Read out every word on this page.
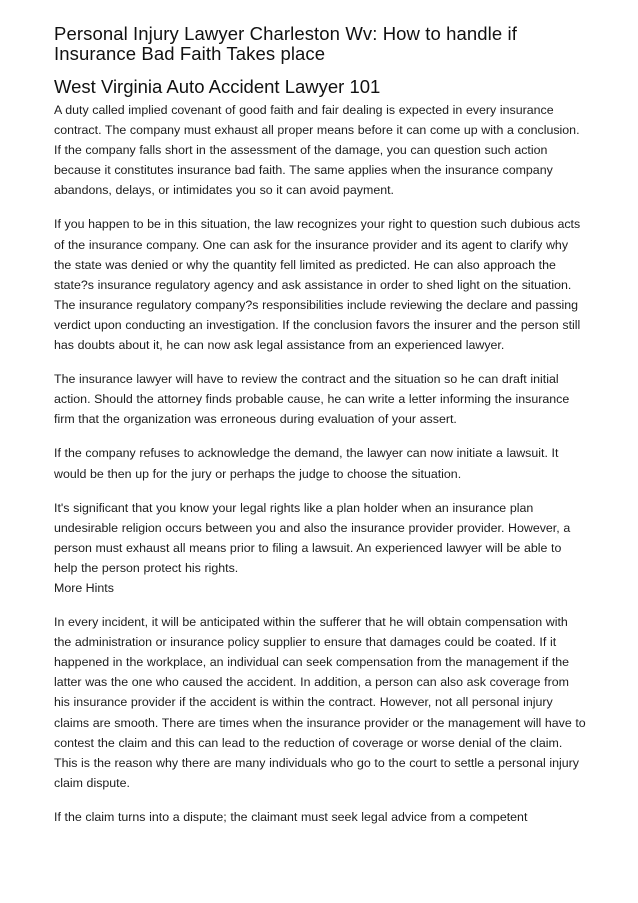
Personal Injury Lawyer Charleston Wv: How to handle if Insurance Bad Faith Takes place
West Virginia Auto Accident Lawyer 101

A duty called implied covenant of good faith and fair dealing is expected in every insurance contract. The company must exhaust all proper means before it can come up with a conclusion. If the company falls short in the assessment of the damage, you can question such action because it constitutes insurance bad faith. The same applies when the insurance company abandons, delays, or intimidates you so it can avoid payment.

If you happen to be in this situation, the law recognizes your right to question such dubious acts of the insurance company. One can ask for the insurance provider and its agent to clarify why the state was denied or why the quantity fell limited as predicted. He can also approach the state?s insurance regulatory agency and ask assistance in order to shed light on the situation. The insurance regulatory company?s responsibilities include reviewing the declare and passing verdict upon conducting an investigation. If the conclusion favors the insurer and the person still has doubts about it, he can now ask legal assistance from an experienced lawyer.

The insurance lawyer will have to review the contract and the situation so he can draft initial action. Should the attorney finds probable cause, he can write a letter informing the insurance firm that the organization was erroneous during evaluation of your assert.

If the company refuses to acknowledge the demand, the lawyer can now initiate a lawsuit. It would be then up for the jury or perhaps the judge to choose the situation.

It's significant that you know your legal rights like a plan holder when an insurance plan undesirable religion occurs between you and also the insurance provider provider. However, a person must exhaust all means prior to filing a lawsuit. An experienced lawyer will be able to help the person protect his rights.

More Hints

In every incident, it will be anticipated within the sufferer that he will obtain compensation with the administration or insurance policy supplier to ensure that damages could be coated. If it happened in the workplace, an individual can seek compensation from the management if the latter was the one who caused the accident. In addition, a person can also ask coverage from his insurance provider if the accident is within the contract. However, not all personal injury claims are smooth. There are times when the insurance provider or the management will have to contest the claim and this can lead to the reduction of coverage or worse denial of the claim. This is the reason why there are many individuals who go to the court to settle a personal injury claim dispute.

If the claim turns into a dispute; the claimant must seek legal advice from a competent
